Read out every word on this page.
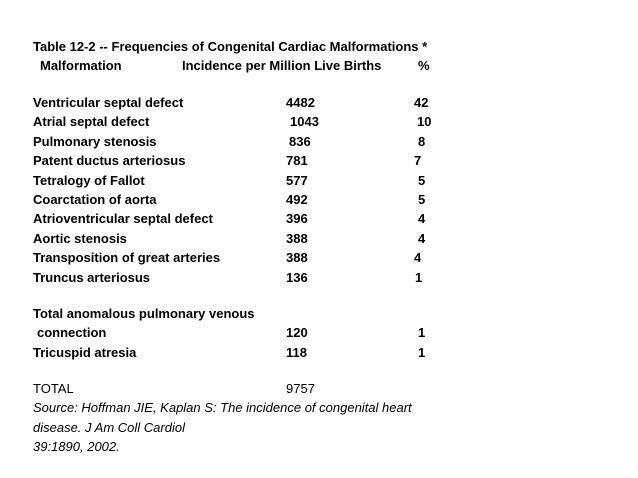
Table 12-2 -- Frequencies of Congenital Cardiac Malformations *
Malformation	Incidence per Million Live Births	%
Ventricular septal defect	4482	42
Atrial septal defect	1043	10
Pulmonary stenosis	836	8
Patent ductus arteriosus	781	7
Tetralogy of Fallot	577	5
Coarctation of aorta	492	5
Atrioventricular septal defect	396	4
Aortic stenosis	388	4
Transposition of great arteries	388	4
Truncus arteriosus	136	1
Total anomalous pulmonary venous
connection	120	1
Tricuspid atresia	118	1
TOTAL	9757
Source: Hoffman JIE, Kaplan S: The incidence of congenital heart
disease. J Am Coll Cardiol
39:1890, 2002.
